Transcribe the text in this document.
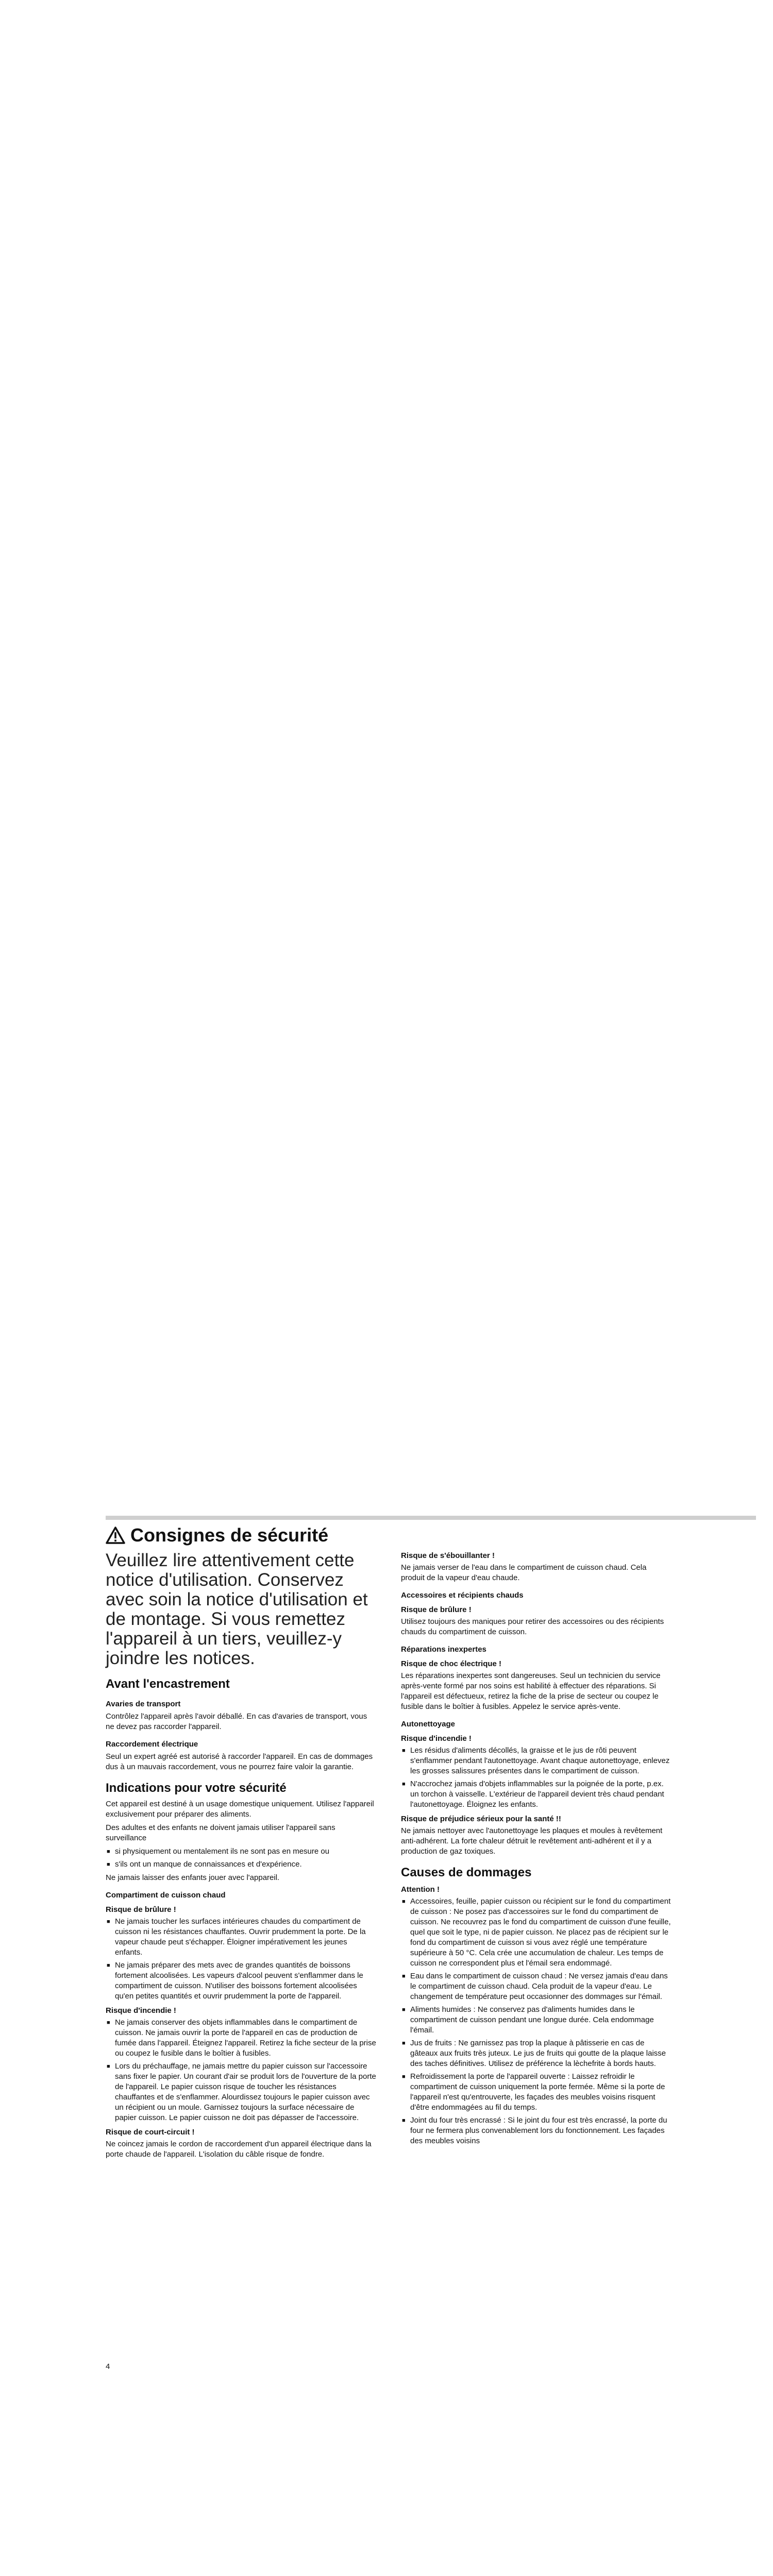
Consignes de sécurité

Veuillez lire attentivement cette notice d'utilisation. Conservez avec soin la notice d'utilisation et de montage. Si vous remettez l'appareil à un tiers, veuillez-y joindre les notices.

Avant l'encastrement
Avaries de transport

Contrôlez l'appareil après l'avoir déballé. En cas d'avaries de transport, vous ne devez pas raccorder l'appareil.

Raccordement électrique

Seul un expert agréé est autorisé à raccorder l'appareil. En cas de dommages dus à un mauvais raccordement, vous ne pourrez faire valoir la garantie.

Indications pour votre sécurité

Cet appareil est destiné à un usage domestique uniquement. Utilisez l'appareil exclusivement pour préparer des aliments.

Des adultes et des enfants ne doivent jamais utiliser l'appareil sans surveillance

■ si physiquement ou mentalement ils ne sont pas en mesure ou
■ s'ils ont un manque de connaissances et d'expérience.

Ne jamais laisser des enfants jouer avec l'appareil.

Compartiment de cuisson chaud
Risque de brûlure !
■ Ne jamais toucher les surfaces intérieures chaudes du compartiment de cuisson ni les résistances chauffantes. Ouvrir prudemment la porte. De la vapeur chaude peut s'échapper. Éloigner impérativement les jeunes enfants.
■ Ne jamais préparer des mets avec de grandes quantités de boissons fortement alcoolisées. Les vapeurs d'alcool peuvent s'enflammer dans le compartiment de cuisson. N'utiliser des boissons fortement alcoolisées qu'en petites quantités et ouvrir prudemment la porte de l'appareil.
Risque d'incendie !
■ Ne jamais conserver des objets inflammables dans le compartiment de cuisson. Ne jamais ouvrir la porte de l'appareil en cas de production de fumée dans l'appareil. Éteignez l'appareil. Retirez la fiche secteur de la prise ou coupez le fusible dans le boîtier à fusibles.
■ Lors du préchauffage, ne jamais mettre du papier cuisson sur l'accessoire sans fixer le papier. Un courant d'air se produit lors de l'ouverture de la porte de l'appareil. Le papier cuisson risque de toucher les résistances chauffantes et de s'enflammer. Alourdissez toujours le papier cuisson avec un récipient ou un moule. Garnissez toujours la surface nécessaire de papier cuisson. Le papier cuisson ne doit pas dépasser de l'accessoire.
Risque de court-circuit !

Ne coincez jamais le cordon de raccordement d'un appareil électrique dans la porte chaude de l'appareil. L'isolation du câble risque de fondre.

Risque de s'ébouillanter !

Ne jamais verser de l'eau dans le compartiment de cuisson chaud. Cela produit de la vapeur d'eau chaude.

Accessoires et récipients chauds
Risque de brûlure !

Utilisez toujours des maniques pour retirer des accessoires ou des récipients chauds du compartiment de cuisson.

Réparations inexpertes
Risque de choc électrique !

Les réparations inexpertes sont dangereuses. Seul un technicien du service après-vente formé par nos soins est habilité à effectuer des réparations. Si l'appareil est défectueux, retirez la fiche de la prise de secteur ou coupez le fusible dans le boîtier à fusibles. Appelez le service après-vente.

Autonettoyage
Risque d'incendie !
■ Les résidus d'aliments décollés, la graisse et le jus de rôti peuvent s'enflammer pendant l'autonettoyage. Avant chaque autonettoyage, enlevez les grosses salissures présentes dans le compartiment de cuisson.
■ N'accrochez jamais d'objets inflammables sur la poignée de la porte, p.ex. un torchon à vaisselle. L'extérieur de l'appareil devient très chaud pendant l'autonettoyage. Éloignez les enfants.
Risque de préjudice sérieux pour la santé !!

Ne jamais nettoyer avec l'autonettoyage les plaques et moules à revêtement anti-adhérent. La forte chaleur détruit le revêtement anti-adhérent et il y a production de gaz toxiques.

Causes de dommages
Attention !
■ Accessoires, feuille, papier cuisson ou récipient sur le fond du compartiment de cuisson : Ne posez pas d'accessoires sur le fond du compartiment de cuisson. Ne recouvrez pas le fond du compartiment de cuisson d'une feuille, quel que soit le type, ni de papier cuisson. Ne placez pas de récipient sur le fond du compartiment de cuisson si vous avez réglé une température supérieure à 50 °C. Cela crée une accumulation de chaleur. Les temps de cuisson ne correspondent plus et l'émail sera endommagé.
■ Eau dans le compartiment de cuisson chaud : Ne versez jamais d'eau dans le compartiment de cuisson chaud. Cela produit de la vapeur d'eau. Le changement de température peut occasionner des dommages sur l'émail.
■ Aliments humides : Ne conservez pas d'aliments humides dans le compartiment de cuisson pendant une longue durée. Cela endommage l'émail.
■ Jus de fruits : Ne garnissez pas trop la plaque à pâtisserie en cas de gâteaux aux fruits très juteux. Le jus de fruits qui goutte de la plaque laisse des taches définitives. Utilisez de préférence la lèchefrite à bords hauts.
■ Refroidissement la porte de l'appareil ouverte : Laissez refroidir le compartiment de cuisson uniquement la porte fermée. Même si la porte de l'appareil n'est qu'entrouverte, les façades des meubles voisins risquent d'être endommagées au fil du temps.
■ Joint du four très encrassé : Si le joint du four est très encrassé, la porte du four ne fermera plus convenablement lors du fonctionnement. Les façades des meubles voisins
4
